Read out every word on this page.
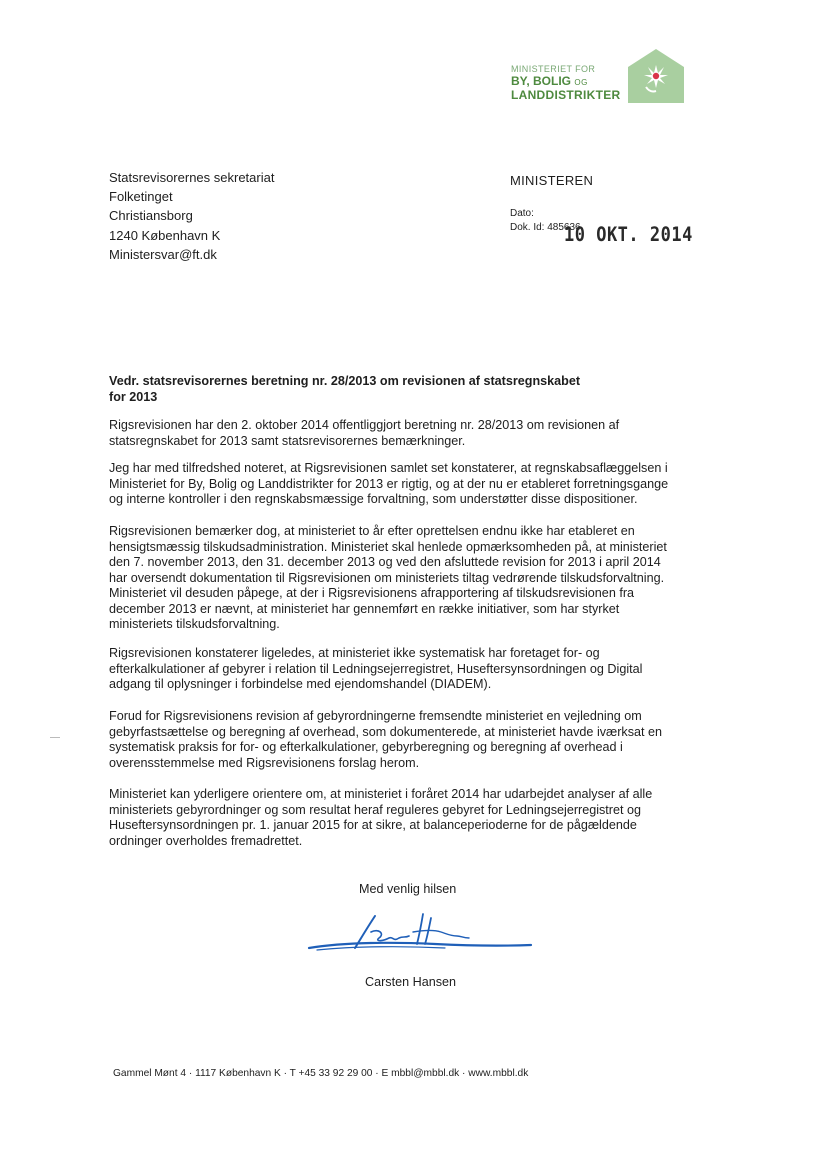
MINISTERIET FOR
BY, BOLIG OG
LANDDISTRIKTER
Statsrevisorernes sekretariat
Folketinget
Christiansborg
1240 København K
Ministersvar@ft.dk
MINISTEREN
Dato:
Dok. Id: 485636
10 OKT. 2014
Vedr. statsrevisorernes beretning nr. 28/2013 om revisionen af statsregnskabet
for 2013
Rigsrevisionen har den 2. oktober 2014 offentliggjort beretning nr. 28/2013 om revisionen af
statsregnskabet for 2013 samt statsrevisorernes bemærkninger.
Jeg har med tilfredshed noteret, at Rigsrevisionen samlet set konstaterer, at regnskabsaflæggelsen i
Ministeriet for By, Bolig og Landdistrikter for 2013 er rigtig, og at der nu er etableret forretningsgange
og interne kontroller i den regnskabsmæssige forvaltning, som understøtter disse dispositioner.
Rigsrevisionen bemærker dog, at ministeriet to år efter oprettelsen endnu ikke har etableret en
hensigtsmæssig tilskudsadministration. Ministeriet skal henlede opmærksomheden på, at ministeriet
den 7. november 2013, den 31. december 2013 og ved den afsluttede revision for 2013 i april 2014
har oversendt dokumentation til Rigsrevisionen om ministeriets tiltag vedrørende tilskudsforvaltning.
Ministeriet vil desuden påpege, at der i Rigsrevisionens afrapportering af tilskudsrevisionen fra
december 2013 er nævnt, at ministeriet har gennemført en række initiativer, som har styrket
ministeriets tilskudsforvaltning.
Rigsrevisionen konstaterer ligeledes, at ministeriet ikke systematisk har foretaget for- og
efterkalkulationer af gebyrer i relation til Ledningsejerregistret, Huseftersynsordningen og Digital
adgang til oplysninger i forbindelse med ejendomshandel (DIADEM).
Forud for Rigsrevisionens revision af gebyrordningerne fremsendte ministeriet en vejledning om
gebyrfastsættelse og beregning af overhead, som dokumenterede, at ministeriet havde iværksat en
systematisk praksis for for- og efterkalkulationer, gebyrberegning og beregning af overhead i
overensstemmelse med Rigsrevisionens forslag herom.
Ministeriet kan yderligere orientere om, at ministeriet i foråret 2014 har udarbejdet analyser af alle
ministeriets gebyrordninger og som resultat heraf reguleres gebyret for Ledningsejerregistret og
Huseftersynsordningen pr. 1. januar 2015 for at sikre, at balanceperioderne for de pågældende
ordninger overholdes fremadrettet.
Med venlig hilsen
Carsten Hansen
Gammel Mønt 4 · 1117 København K · T +45 33 92 29 00 · E mbbl@mbbl.dk · www.mbbl.dk
